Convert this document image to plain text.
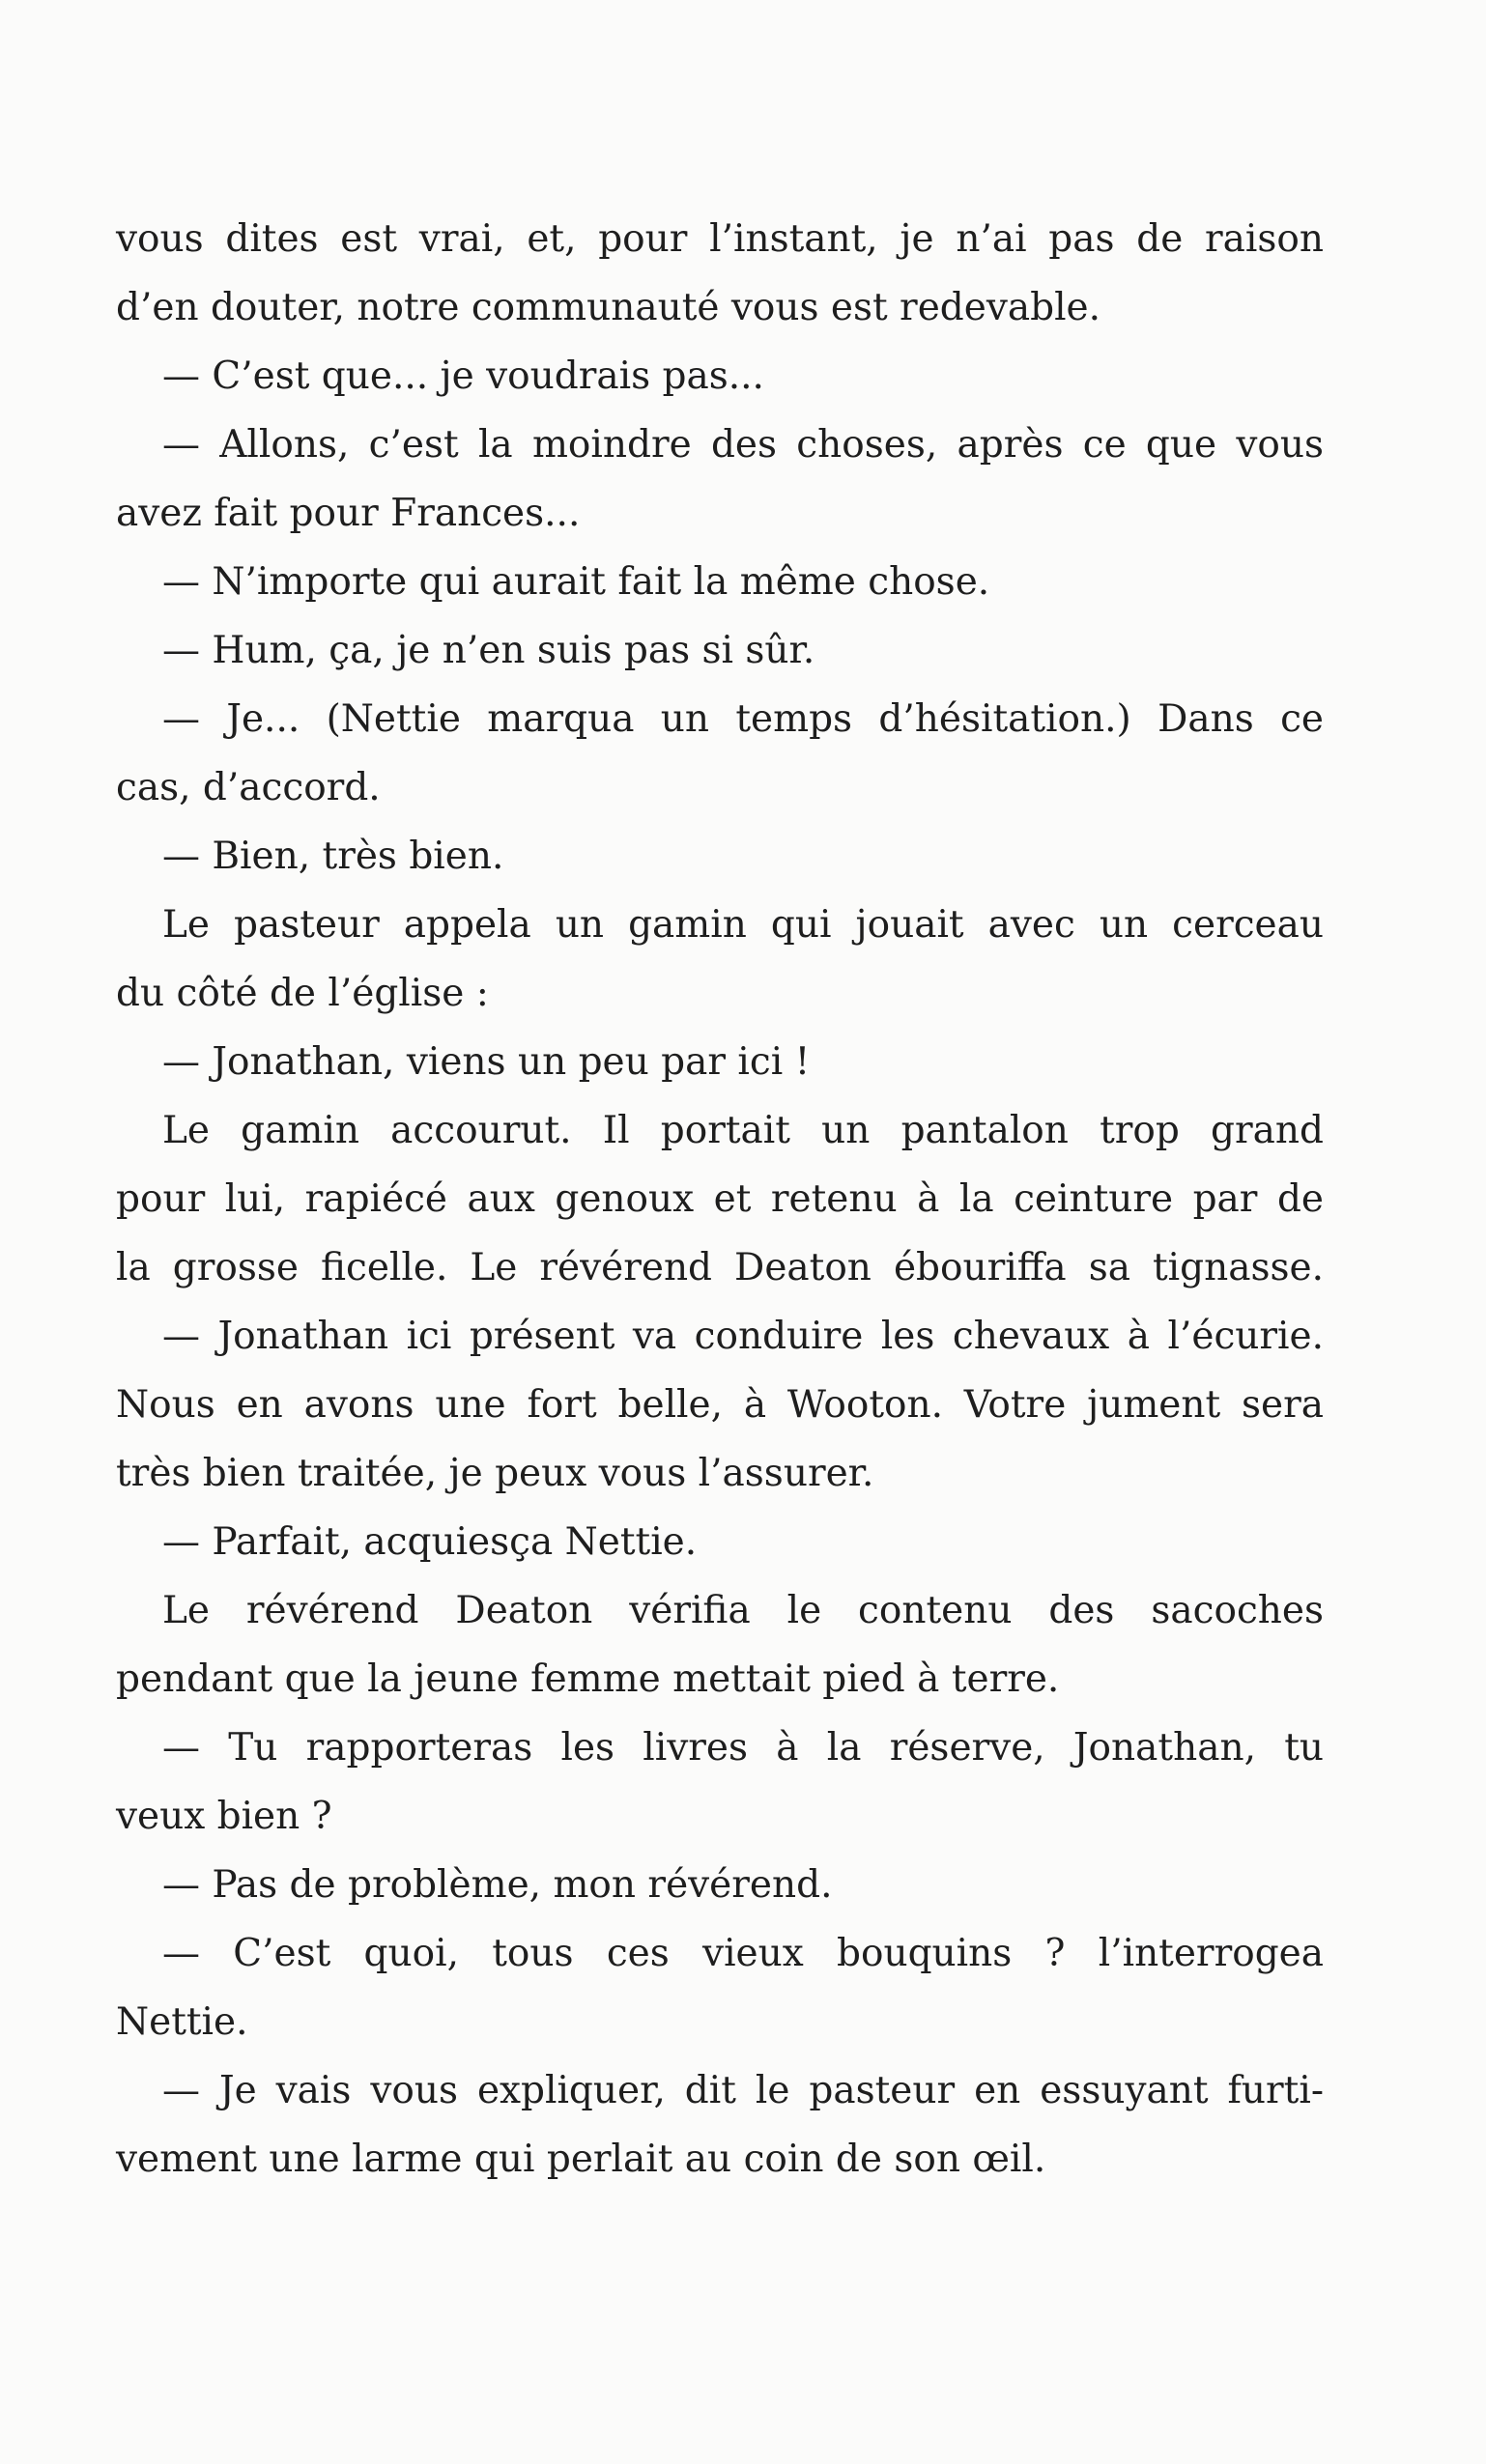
vous dites est vrai, et, pour l’instant, je n’ai pas de raison
d’en douter, notre communauté vous est redevable.
— C’est que... je voudrais pas...
— Allons, c’est la moindre des choses, après ce que vous
avez fait pour Frances...
— N’importe qui aurait fait la même chose.
— Hum, ça, je n’en suis pas si sûr.
— Je... (Nettie marqua un temps d’hésitation.) Dans ce
cas, d’accord.
— Bien, très bien.
Le pasteur appela un gamin qui jouait avec un cerceau
du côté de l’église :
— Jonathan, viens un peu par ici !
Le gamin accourut. Il portait un pantalon trop grand
pour lui, rapiécé aux genoux et retenu à la ceinture par de
la grosse ficelle. Le révérend Deaton ébouriffa sa tignasse.
— Jonathan ici présent va conduire les chevaux à l’écurie.
Nous en avons une fort belle, à Wooton. Votre jument sera
très bien traitée, je peux vous l’assurer.
— Parfait, acquiesça Nettie.
Le révérend Deaton vérifia le contenu des sacoches
pendant que la jeune femme mettait pied à terre.
— Tu rapporteras les livres à la réserve, Jonathan, tu
veux bien ?
— Pas de problème, mon révérend.
— C’est quoi, tous ces vieux bouquins ? l’interrogea
Nettie.
— Je vais vous expliquer, dit le pasteur en essuyant furti-
vement une larme qui perlait au coin de son œil.
